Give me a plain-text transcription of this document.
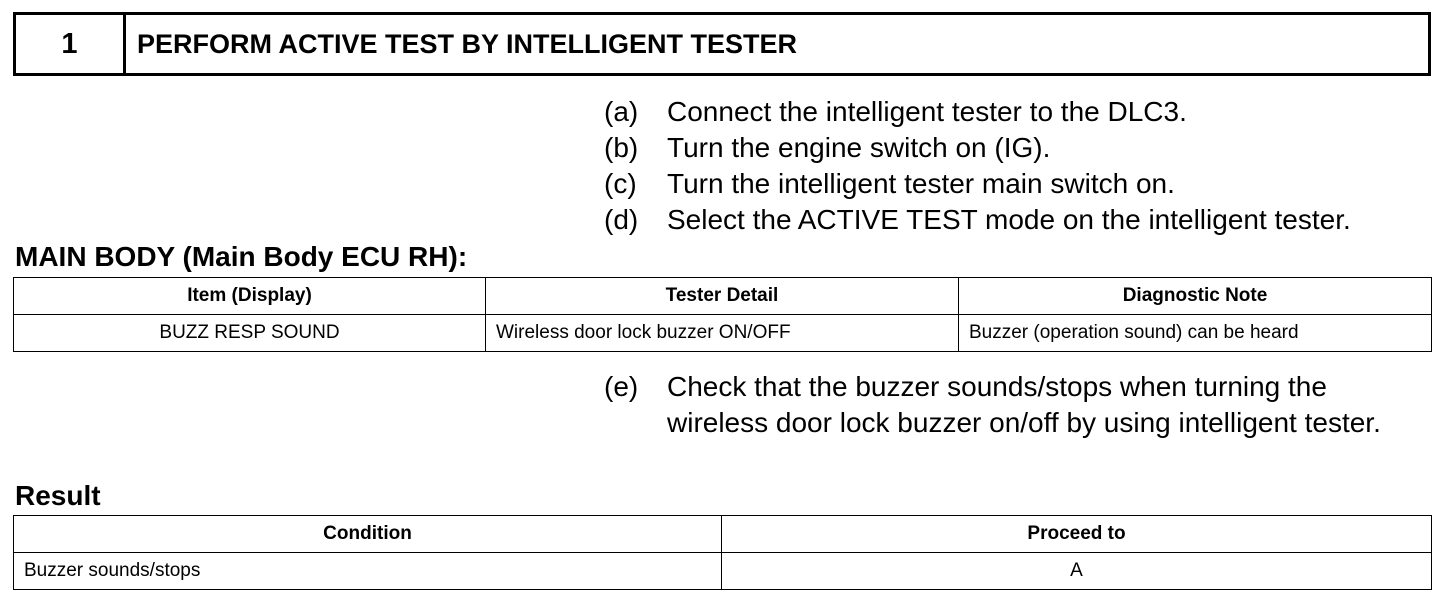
1	PERFORM ACTIVE TEST BY INTELLIGENT TESTER
(a)	Connect the intelligent tester to the DLC3.
(b)	Turn the engine switch on (IG).
(c)	Turn the intelligent tester main switch on.
(d)	Select the ACTIVE TEST mode on the intelligent tester.
MAIN BODY (Main Body ECU RH):
Item (Display)	Tester Detail	Diagnostic Note
BUZZ RESP SOUND	Wireless door lock buzzer ON/OFF	Buzzer (operation sound) can be heard
(e)	Check that the buzzer sounds/stops when turning the wireless door lock buzzer on/off by using intelligent tester.
Result
Condition	Proceed to
Buzzer sounds/stops	A
